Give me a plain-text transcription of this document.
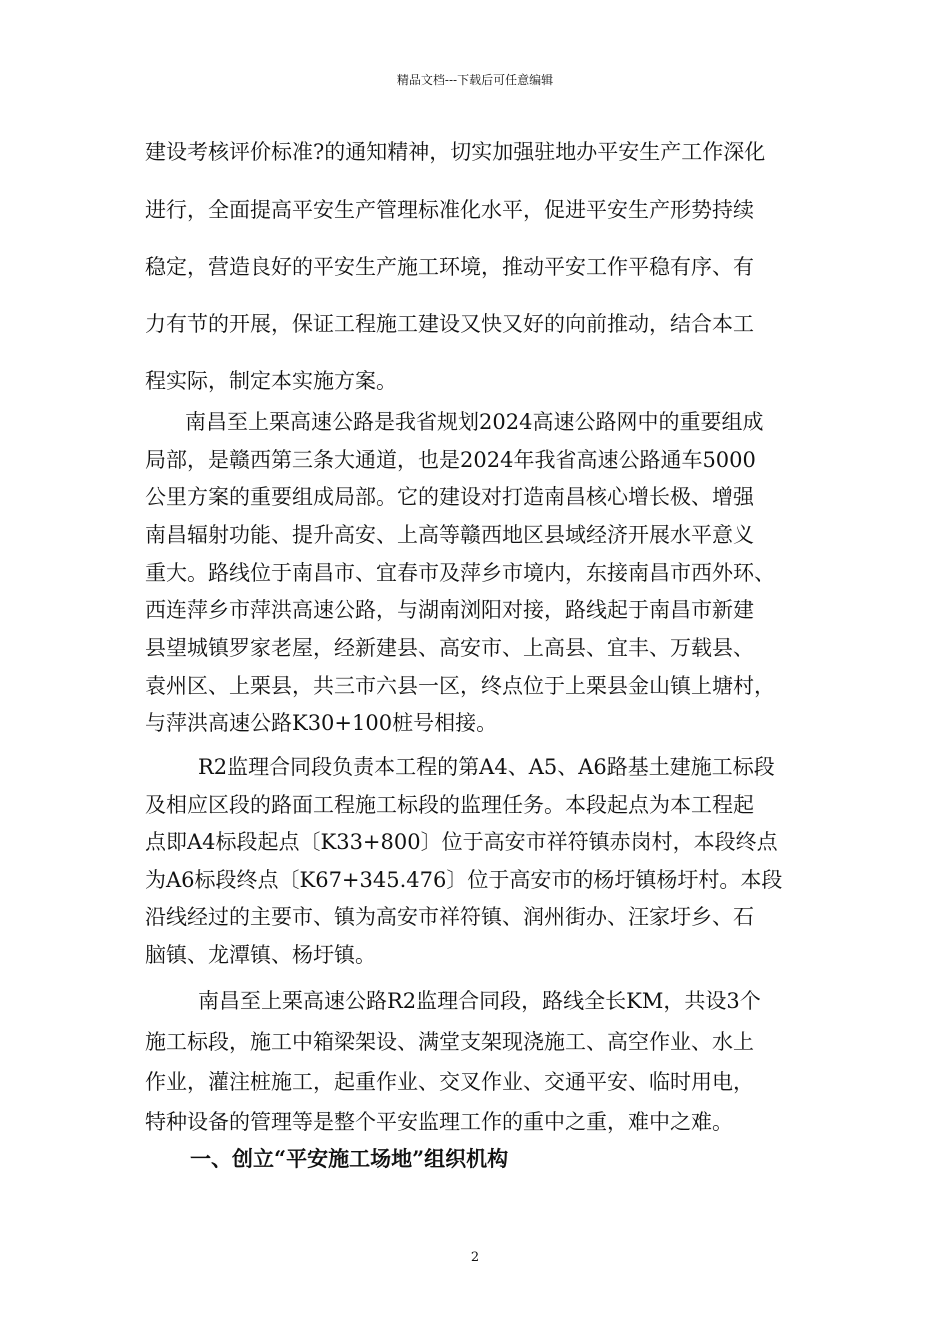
精品文档---下载后可任意编辑
建设考核评价标准?的通知精神，切实加强驻地办平安生产工作深化
进行，全面提高平安生产管理标准化水平，促进平安生产形势持续
稳定，营造良好的平安生产施工环境，推动平安工作平稳有序、有
力有节的开展，保证工程施工建设又快又好的向前推动，结合本工
程实际，制定本实施方案。
南昌至上栗高速公路是我省规划2024高速公路网中的重要组成
局部，是赣西第三条大通道，也是2024年我省高速公路通车5000
公里方案的重要组成局部。它的建设对打造南昌核心增长极、增强
南昌辐射功能、提升高安、上高等赣西地区县域经济开展水平意义
重大。路线位于南昌市、宜春市及萍乡市境内，东接南昌市西外环、
西连萍乡市萍洪高速公路，与湖南浏阳对接，路线起于南昌市新建
县望城镇罗家老屋，经新建县、高安市、上高县、宜丰、万载县、
袁州区、上栗县，共三市六县一区，终点位于上栗县金山镇上塘村，
与萍洪高速公路K30+100桩号相接。
R2监理合同段负责本工程的第A4、A5、A6路基土建施工标段
及相应区段的路面工程施工标段的监理任务。本段起点为本工程起
点即A4标段起点〔K33+800〕位于高安市祥符镇赤岗村，本段终点
为A6标段终点〔K67+345.476〕位于高安市的杨圩镇杨圩村。本段
沿线经过的主要市、镇为高安市祥符镇、润州街办、汪家圩乡、石
脑镇、龙潭镇、杨圩镇。
南昌至上栗高速公路R2监理合同段，路线全长KM，共设3个
施工标段，施工中箱梁架设、满堂支架现浇施工、高空作业、水上
作业，灌注桩施工，起重作业、交叉作业、交通平安、临时用电，
特种设备的管理等是整个平安监理工作的重中之重，难中之难。
一、创立“平安施工场地”组织机构
2
